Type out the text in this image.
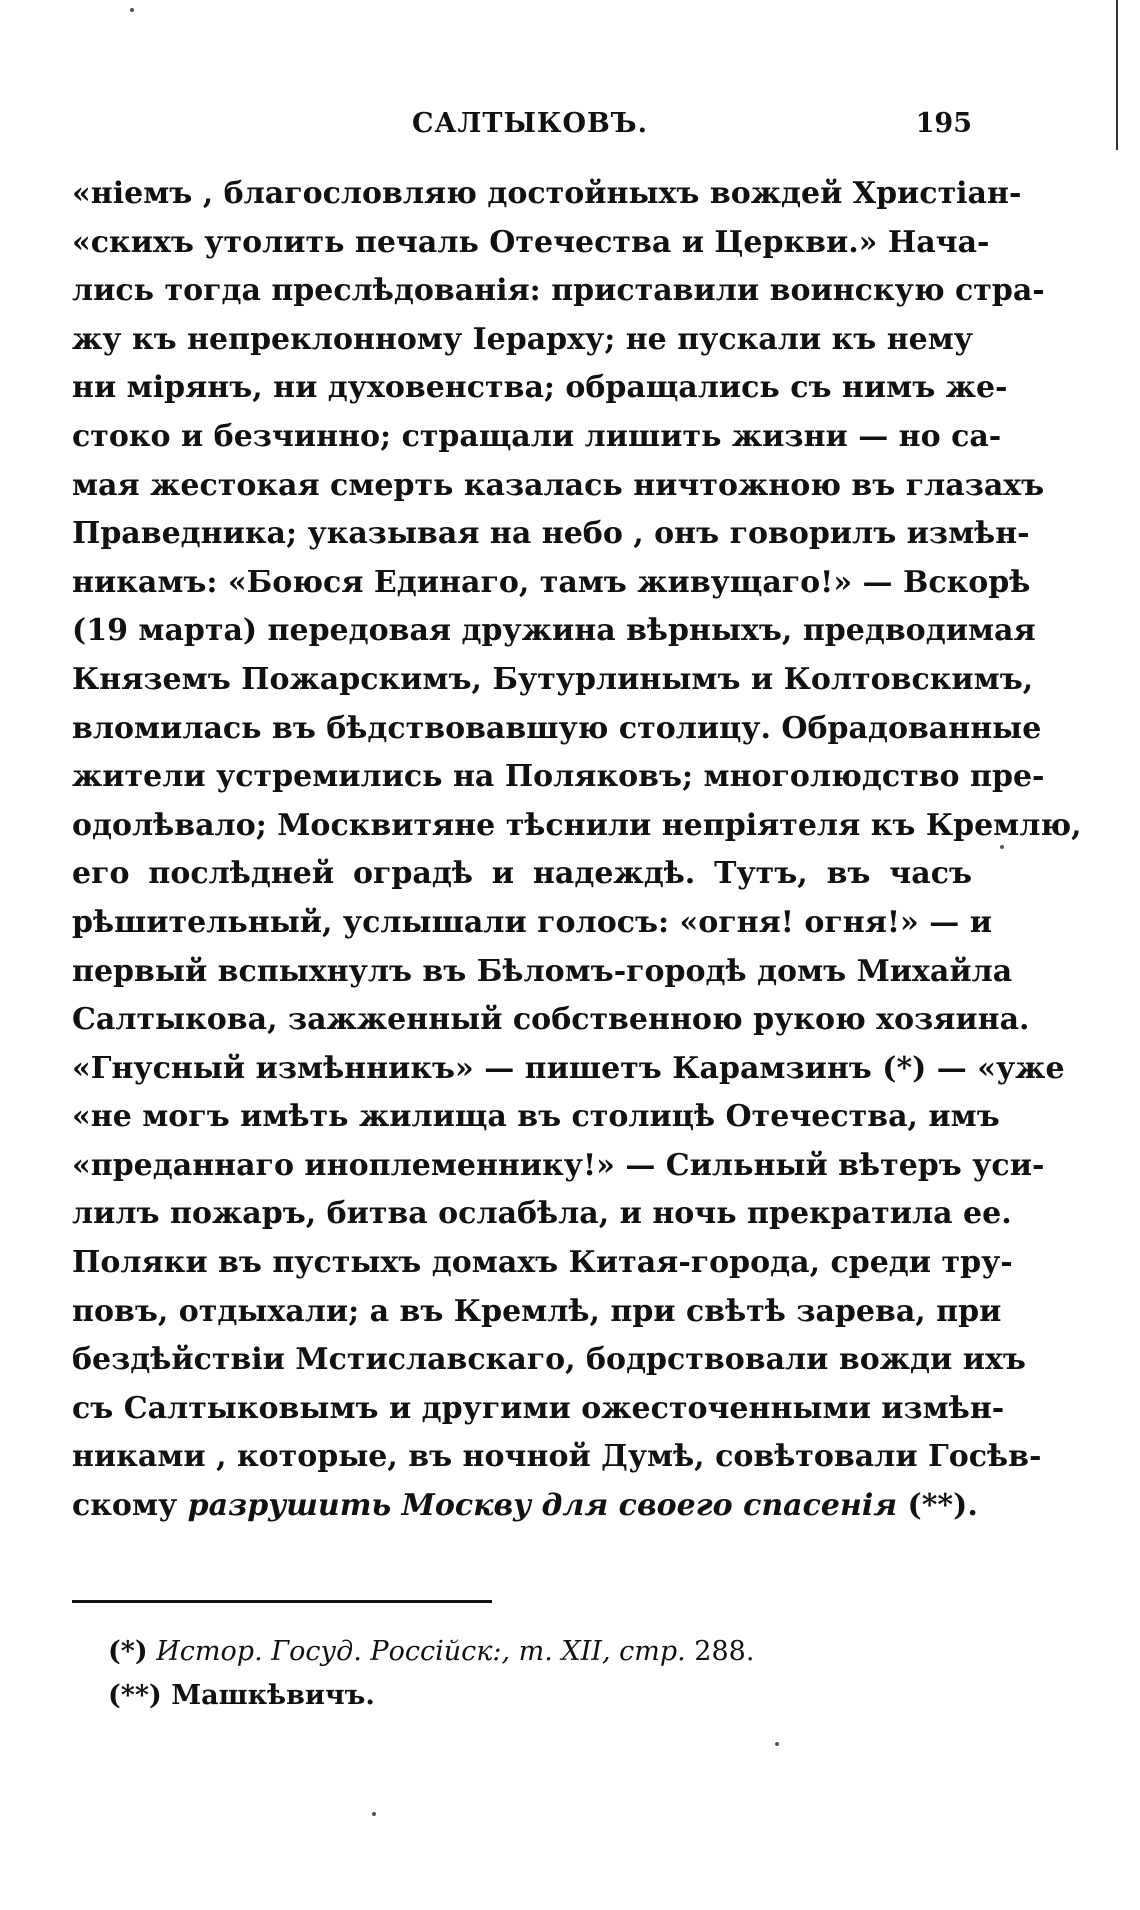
САЛТЫКОВЪ.	195
«ніемъ , благословляю достойныхъ вождей Христіан-
«скихъ утолить печаль Отечества и Церкви.» Нача-
лись тогда преслѣдованія: приставили воинскую стра-
жу къ непреклонному Іерарху; не пускали къ нему
ни мірянъ, ни духовенства; обращались съ нимъ же-
стоко и безчинно; стращали лишить жизни — но са-
мая жестокая смерть казалась ничтожною въ глазахъ
Праведника; указывая на небо , онъ говорилъ измѣн-
никамъ: «Боюся Единаго, тамъ живущаго!» — Вскорѣ
(19 марта) передовая дружина вѣрныхъ, предводимая
Княземъ Пожарскимъ, Бутурлинымъ и Колтовскимъ,
вломилась въ бѣдствовавшую столицу. Обрадованные
жители устремились на Поляковъ; многолюдство пре-
одолѣвало; Москвитяне тѣснили непріятеля къ Кремлю,
его послѣдней оградѣ и надеждѣ. Тутъ, въ часъ
рѣшительный, услышали голосъ: «огня! огня!» — и
первый вспыхнулъ въ Бѣломъ-городѣ домъ Михайла
Салтыкова, зажженный собственною рукою хозяина.
«Гнусный измѣнникъ» — пишетъ Карамзинъ (*) — «уже
«не могъ имѣть жилища въ столицѣ Отечества, имъ
«преданнаго иноплеменнику!» — Сильный вѣтеръ уси-
лилъ пожаръ, битва ослабѣла, и ночь прекратила ее.
Поляки въ пустыхъ домахъ Китая-города, среди тру-
повъ, отдыхали; а въ Кремлѣ, при свѣтѣ зарева, при
бездѣйствіи Мстиславскаго, бодрствовали вожди ихъ
съ Салтыковымъ и другими ожесточенными измѣн-
никами , которые, въ ночной Думѣ, совѣтовали Госѣв-
скому разрушить Москву для своего спасенія (**).
(*) Истор. Госуд. Россійск:, т. XII, стр. 288.
(**) Машкѣвичъ.
